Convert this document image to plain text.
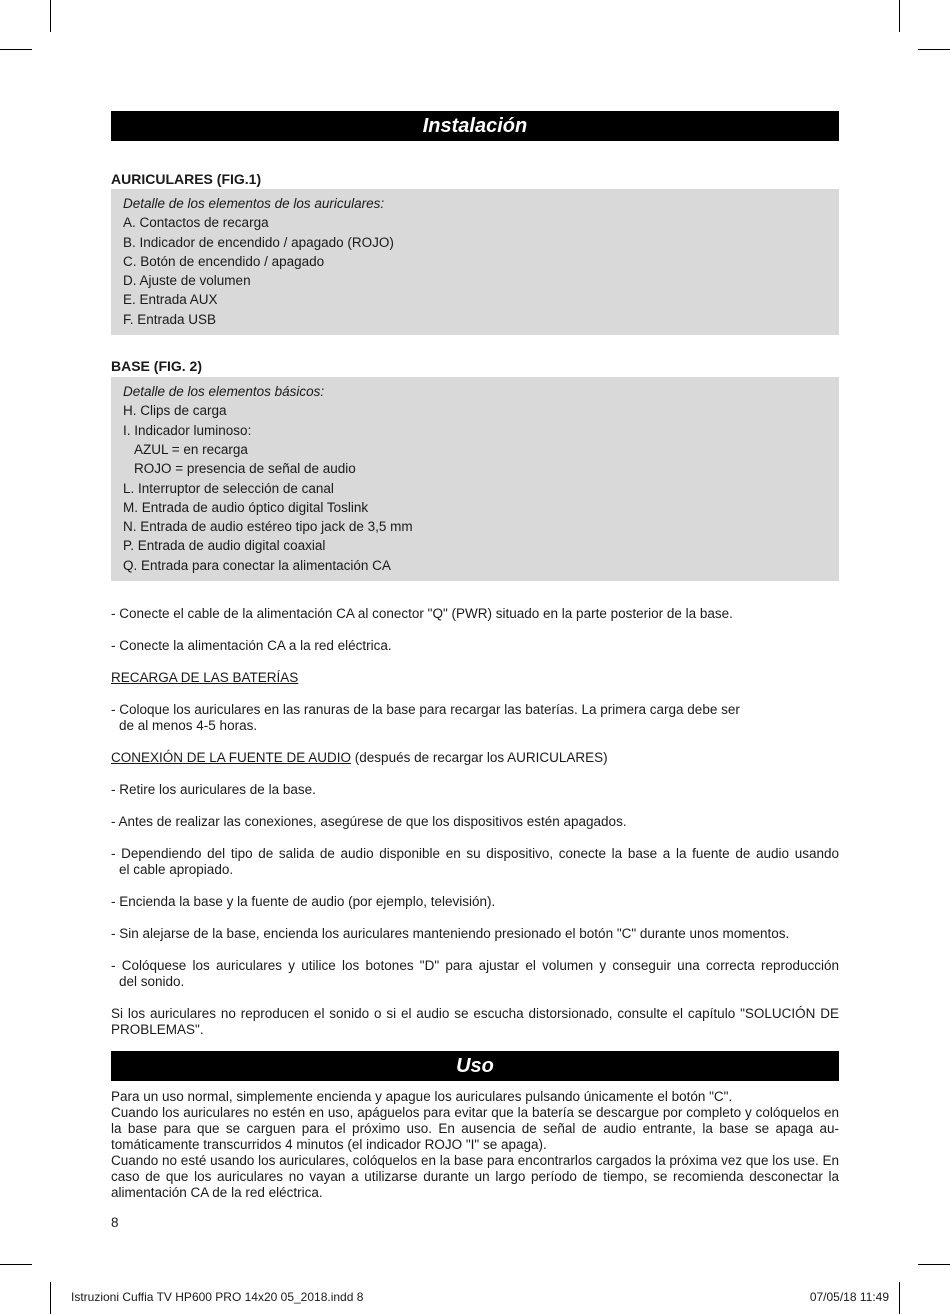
Instalación
AURICULARES (FIG.1)
Detalle de los elementos de los auriculares:
A. Contactos de recarga
B. Indicador de encendido / apagado (ROJO)
C. Botón de encendido / apagado
D. Ajuste de volumen
E. Entrada AUX
F. Entrada USB
BASE (FIG. 2)
Detalle de los elementos básicos:
H. Clips de carga
I. Indicador luminoso:
AZUL = en recarga
ROJO = presencia de señal de audio
L. Interruptor de selección de canal
M. Entrada de audio óptico digital Toslink
N. Entrada de audio estéreo tipo jack de 3,5 mm
P. Entrada de audio digital coaxial
Q. Entrada para conectar la alimentación CA

- Conecte el cable de la alimentación CA al conector "Q" (PWR) situado en la parte posterior de la base.

- Conecte la alimentación CA a la red eléctrica.

RECARGA DE LAS BATERÍAS

- Coloque los auriculares en las ranuras de la base para recargar las baterías. La primera carga debe ser
de al menos 4-5 horas.

CONEXIÓN DE LA FUENTE DE AUDIO (después de recargar los AURICULARES)

- Retire los auriculares de la base.

- Antes de realizar las conexiones, asegúrese de que los dispositivos estén apagados.

- Dependiendo del tipo de salida de audio disponible en su dispositivo, conecte la base a la fuente de audio usando
el cable apropiado.

- Encienda la base y la fuente de audio (por ejemplo, televisión).

- Sin alejarse de la base, encienda los auriculares manteniendo presionado el botón "C" durante unos momentos.

- Colóquese los auriculares y utilice los botones "D" para ajustar el volumen y conseguir una correcta reproducción
del sonido.

Si los auriculares no reproducen el sonido o si el audio se escucha distorsionado, consulte el capítulo "SOLUCIÓN DE PROBLEMAS".

Uso

Para un uso normal, simplemente encienda y apague los auriculares pulsando únicamente el botón "C".

Cuando los auriculares no estén en uso, apáguelos para evitar que la batería se descargue por completo y colóquelos en la base para que se carguen para el próximo uso. En ausencia de señal de audio entrante, la base se apaga au-tomáticamente transcurridos 4 minutos (el indicador ROJO "I" se apaga).

Cuando no esté usando los auriculares, colóquelos en la base para encontrarlos cargados la próxima vez que los use. En caso de que los auriculares no vayan a utilizarse durante un largo período de tiempo, se recomienda desconectar la alimentación CA de la red eléctrica.

8

Istruzioni Cuffia TV HP600 PRO 14x20 05_2018.indd 8	07/05/18 11:49
